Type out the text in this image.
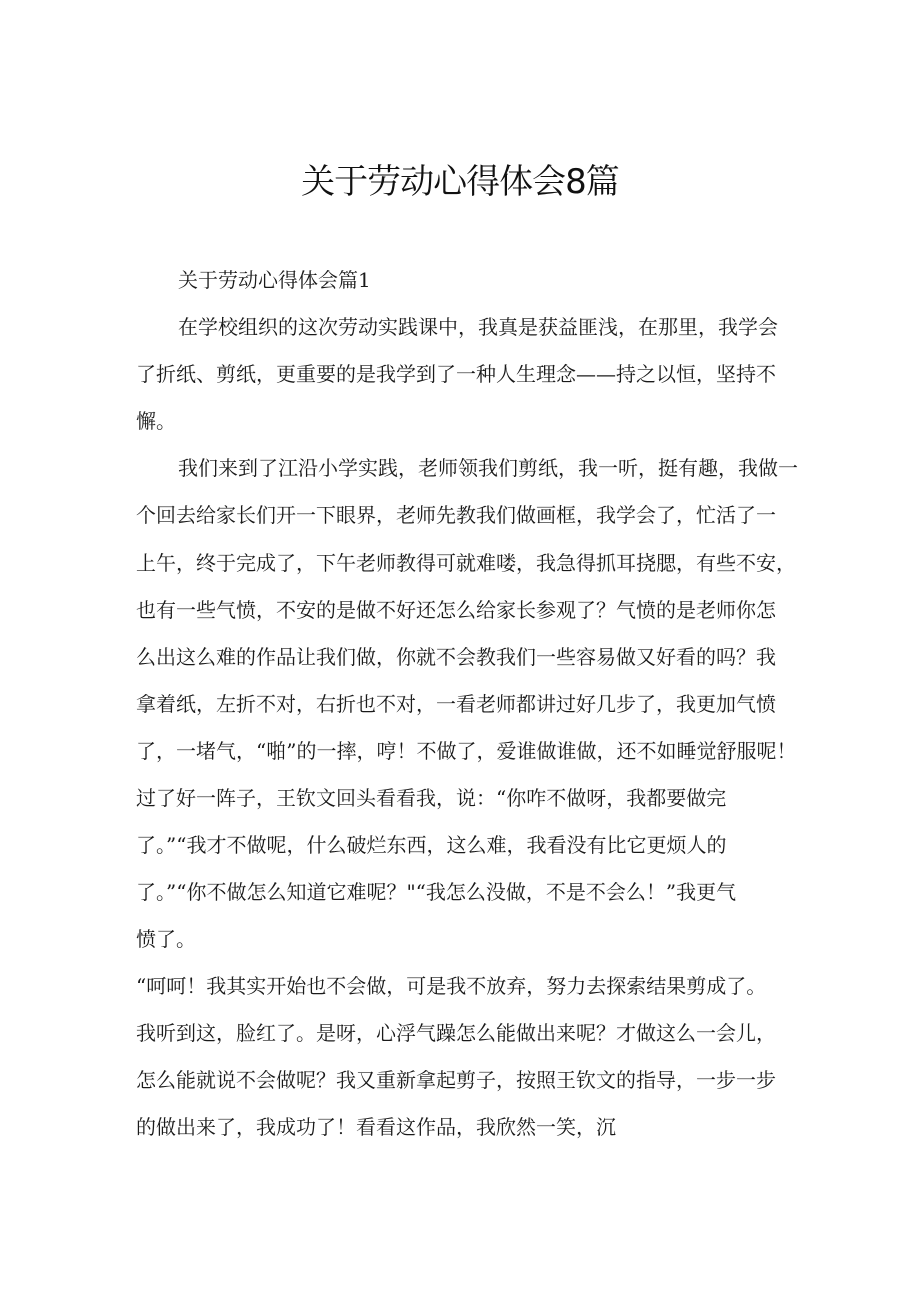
关于劳动心得体会8篇
关于劳动心得体会篇1
在学校组织的这次劳动实践课中，我真是获益匪浅，在那里，我学会
了折纸、剪纸，更重要的是我学到了一种人生理念——持之以恒，坚持不
懈。
我们来到了江沿小学实践，老师领我们剪纸，我一听，挺有趣，我做一
个回去给家长们开一下眼界，老师先教我们做画框，我学会了，忙活了一
上午，终于完成了，下午老师教得可就难喽，我急得抓耳挠腮，有些不安，
也有一些气愤，不安的是做不好还怎么给家长参观了？气愤的是老师你怎
么出这么难的作品让我们做，你就不会教我们一些容易做又好看的吗？我
拿着纸，左折不对，右折也不对，一看老师都讲过好几步了，我更加气愤
了，一堵气，“啪”的一摔，哼！不做了，爱谁做谁做，还不如睡觉舒服呢！
过了好一阵子，王钦文回头看看我，说：“你咋不做呀，我都要做完
了。”“我才不做呢，什么破烂东西，这么难，我看没有比它更烦人的
了。”“你不做怎么知道它难呢？"“我怎么没做，不是不会么！”我更气
愤了。
“呵呵！我其实开始也不会做，可是我不放弃，努力去探索结果剪成了。
我听到这，脸红了。是呀，心浮气躁怎么能做出来呢？才做这么一会儿，
怎么能就说不会做呢？我又重新拿起剪子，按照王钦文的指导，一步一步
的做出来了，我成功了！看看这作品，我欣然一笑，沉
